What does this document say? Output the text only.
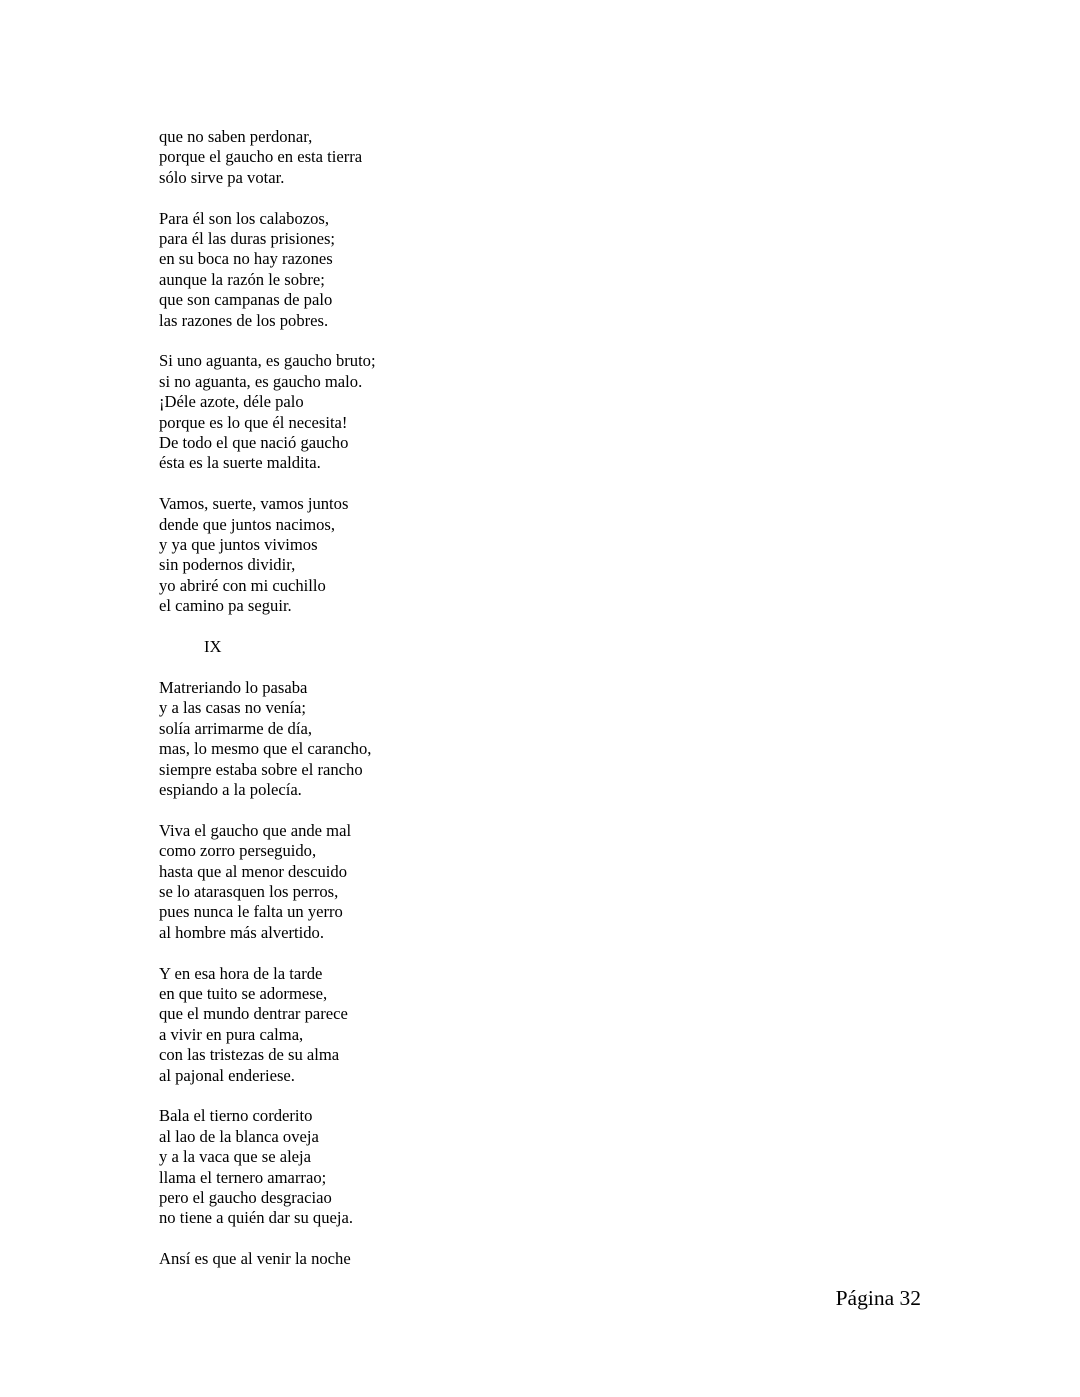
que no saben perdonar,
porque el gaucho en esta tierra
sólo sirve pa votar.
Para él son los calabozos,
para él las duras prisiones;
en su boca no hay razones
aunque la razón le sobre;
que son campanas de palo
las razones de los pobres.
Si uno aguanta, es gaucho bruto;
si no aguanta, es gaucho malo.
¡Déle azote, déle palo
porque es lo que él necesita!
De todo el que nació gaucho
ésta es la suerte maldita.
Vamos, suerte, vamos juntos
dende que juntos nacimos,
y ya que juntos vivimos
sin podernos dividir,
yo abriré con mi cuchillo
el camino pa seguir.
IX
Matreriando lo pasaba
y a las casas no venía;
solía arrimarme de día,
mas, lo mesmo que el carancho,
siempre estaba sobre el rancho
espiando a la polecía.
Viva el gaucho que ande mal
como zorro perseguido,
hasta que al menor descuido
se lo atarasquen los perros,
pues nunca le falta un yerro
al hombre más alvertido.
Y en esa hora de la tarde
en que tuito se adormese,
que el mundo dentrar parece
a vivir en pura calma,
con las tristezas de su alma
al pajonal enderiese.
Bala el tierno corderito
al lao de la blanca oveja
y a la vaca que se aleja
llama el ternero amarrao;
pero el gaucho desgraciao
no tiene a quién dar su queja.
Ansí es que al venir la noche
Página 32
